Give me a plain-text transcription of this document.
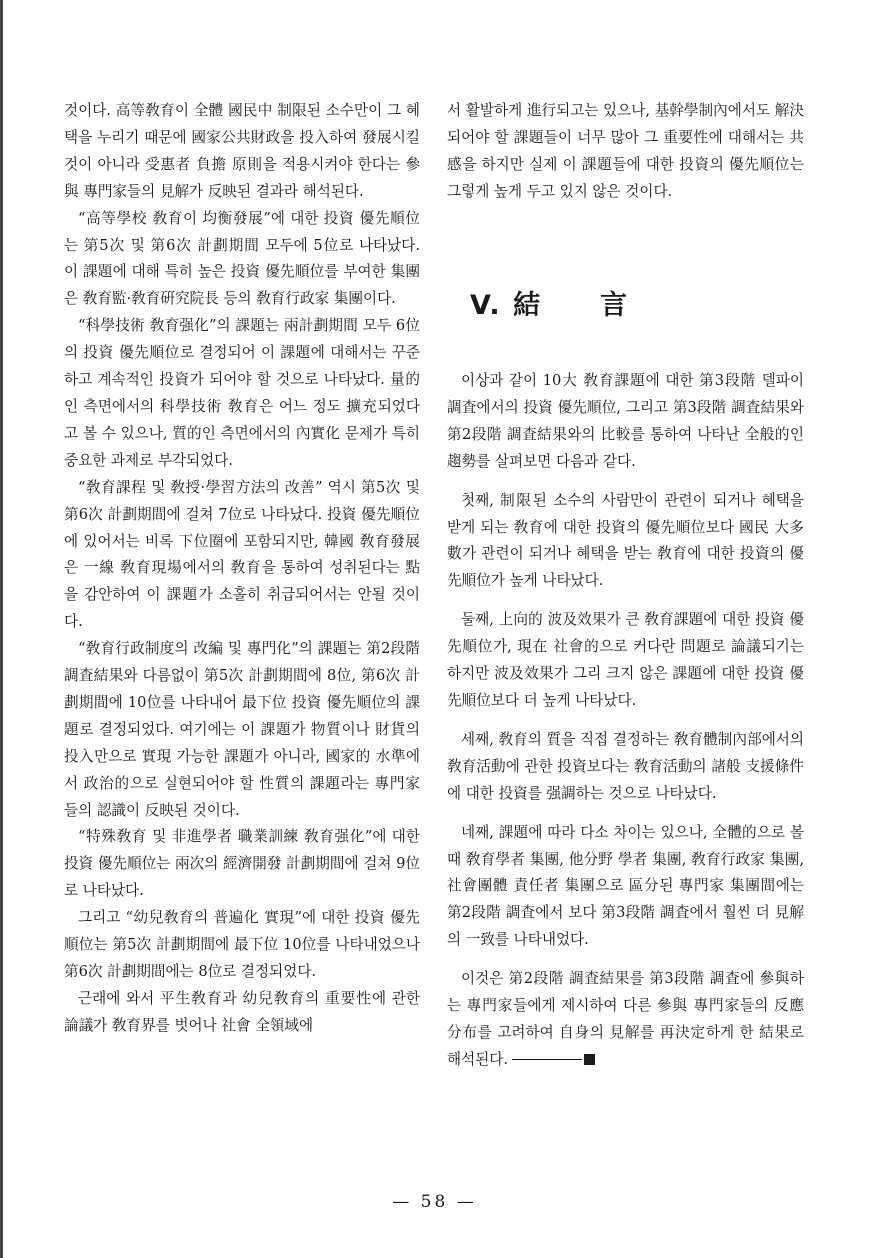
것이다. 高等敎育이 全體 國民中 制限된 소수만이 그 혜택을 누리기 때문에 國家公共財政을 投入하여 發展시킬 것이 아니라 受惠者 負擔 原則을 적용시켜야 한다는 參與 專門家들의 見解가 反映된 결과라 해석된다.

“高等學校 敎育이 均衡發展”에 대한 投資 優先順位는 第5次 및 第6次 計劃期間 모두에 5位로 나타났다. 이 課題에 대해 특히 높은 投資 優先順位를 부여한 集團은 敎育監·敎育硏究院長 등의 敎育行政家 集團이다.

“科學技術 敎育强化”의 課題는 兩計劃期間 모두 6位의 投資 優先順位로 결정되어 이 課題에 대해서는 꾸준하고 계속적인 投資가 되어야 할 것으로 나타났다. 量的인 측면에서의 科學技術 敎育은 어느 정도 擴充되었다고 볼 수 있으나, 質的인 측면에서의 內實化 문제가 특히 중요한 과제로 부각되었다.

“敎育課程 및 敎授·學習方法의 改善” 역시 第5次 및 第6次 計劃期間에 걸쳐 7位로 나타났다. 投資 優先順位에 있어서는 비록 下位圈에 포함되지만, 韓國 敎育發展은 一線 敎育現場에서의 敎育을 통하여 성취된다는 點을 감안하여 이 課題가 소홀히 취급되어서는 안될 것이다.

“敎育行政制度의 改編 및 專門化”의 課題는 第2段階 調査結果와 다름없이 第5次 計劃期間에 8位, 第6次 計劃期間에 10位를 나타내어 最下位 投資 優先順位의 課題로 결정되었다. 여기에는 이 課題가 物質이나 財貨의 投入만으로 實現 가능한 課題가 아니라, 國家的 水準에서 政治的으로 실현되어야 할 性質의 課題라는 專門家들의 認識이 反映된 것이다.

“特殊敎育 및 非進學者 職業訓練 敎育强化”에 대한 投資 優先順位는 兩次의 經濟開發 計劃期間에 걸쳐 9位로 나타났다.

그리고 “幼兒敎育의 普遍化 實現”에 대한 投資 優先順位는 第5次 計劃期間에 最下位 10位를 나타내었으나 第6次 計劃期間에는 8位로 결정되었다.

근래에 와서 平生敎育과 幼兒敎育의 重要性에 관한 論議가 敎育界를 벗어나 社會 全領域에

서 활발하게 進行되고는 있으나, 基幹學制內에서도 解決되어야 할 課題들이 너무 많아 그 重要性에 대해서는 共感을 하지만 실제 이 課題들에 대한 投資의 優先順位는 그렇게 높게 두고 있지 않은 것이다.

V. 結　　言

이상과 같이 10大 敎育課題에 대한 第3段階 델파이 調査에서의 投資 優先順位, 그리고 第3段階 調査結果와 第2段階 調査結果와의 比較를 통하여 나타난 全般的인 趨勢를 살펴보면 다음과 같다.

첫째, 制限된 소수의 사람만이 관련이 되거나 혜택을 받게 되는 敎育에 대한 投資의 優先順位보다 國民 大多數가 관련이 되거나 혜택을 받는 敎育에 대한 投資의 優先順位가 높게 나타났다.

둘째, 上向的 波及效果가 큰 敎育課題에 대한 投資 優先順位가, 現在 社會的으로 커다란 問題로 論議되기는 하지만 波及效果가 그리 크지 않은 課題에 대한 投資 優先順位보다 더 높게 나타났다.

세째, 敎育의 質을 직접 결정하는 敎育體制內部에서의 敎育活動에 관한 投資보다는 敎育活動의 諸般 支援條件에 대한 投資를 强調하는 것으로 나타났다.

네째, 課題에 따라 다소 차이는 있으나, 全體的으로 볼 때 敎育學者 集團, 他分野 學者 集團, 敎育行政家 集團, 社會團體 責任者 集團으로 區分된 專門家 集團間에는 第2段階 調査에서 보다 第3段階 調査에서 훨씬 더 見解의 一致를 나타내었다.

이것은 第2段階 調査結果를 第3段階 調査에 參與하는 專門家들에게 제시하여 다른 參與 專門家들의 反應分布를 고려하여 自身의 見解를 再決定하게 한 結果로 해석된다.

— 58 —
